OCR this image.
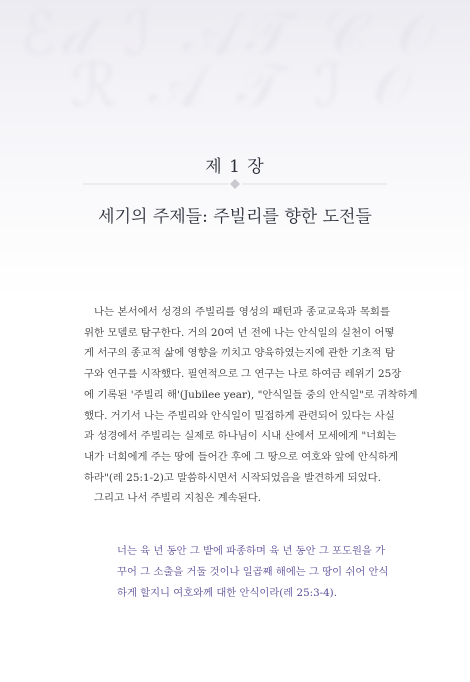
ℰ𝒹 ℐ 𝒜𝒯 𝒞 𝒪
ℛ 𝒜 𝒯 ℐ 𝒪
제 1 장
세기의 주제들: 주빌리를 향한 도전들

나는 본서에서 성경의 주빌리를 영성의 패턴과 종교교육과 목회를
위한 모델로 탐구한다. 거의 20여 년 전에 나는 안식일의 실천이 어떻
게 서구의 종교적 삶에 영향을 끼치고 양육하였는지에 관한 기초적 탐
구와 연구를 시작했다. 필연적으로 그 연구는 나로 하여금 레위기 25장
에 기록된 '주빌리 해'(Jubilee year), "안식일들 중의 안식일"로 귀착하게
했다. 거기서 나는 주빌리와 안식일이 밀접하게 관련되어 있다는 사실
과 성경에서 주빌리는 실제로 하나님이 시내 산에서 모세에게 "너희는
내가 너희에게 주는 땅에 들어간 후에 그 땅으로 여호와 앞에 안식하게
하라"(레 25:1-2)고 말씀하시면서 시작되었음을 발견하게 되었다.

그리고 나서 주빌리 지침은 계속된다.

너는 육 년 동안 그 밭에 파종하며 육 년 동안 그 포도원을 가
꾸어 그 소출을 거둘 것이나 일곱째 해에는 그 땅이 쉬어 안식
하게 할지니 여호와께 대한 안식이라(레 25:3-4).
